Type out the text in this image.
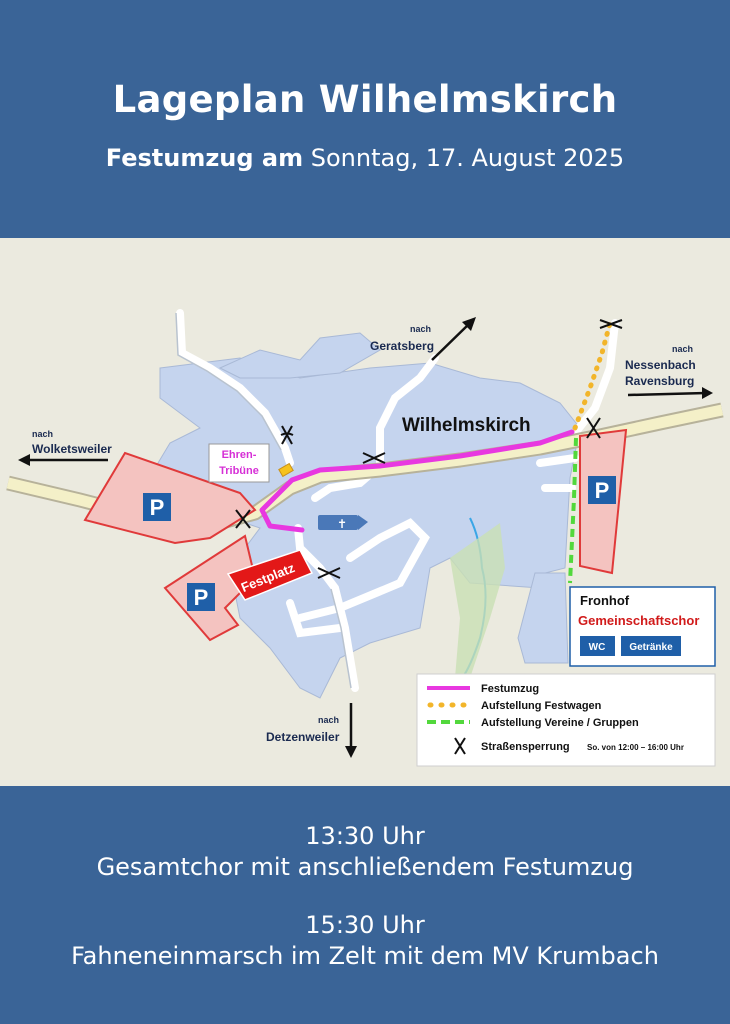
Lageplan Wilhelmskirch
Festumzug am Sonntag, 17. August 2025
P
P
P
Festplatz
✝
Ehren-
Tribüne
nach
Geratsberg	nach
Nessenbach
Ravensburg
nach
Wolketsweiler
nach
Detzenweiler
Wilhelmskirch
Fronhof
Gemeinschaftschor
WC Getränke
Festumzug
Aufstellung Festwagen
Aufstellung Vereine / Gruppen
Straßensperrung So. von 12:00 – 16:00 Uhr
13:30 Uhr
Gesamtchor mit anschließendem Festumzug
15:30 Uhr
Fahneneinmarsch im Zelt mit dem MV Krumbach
